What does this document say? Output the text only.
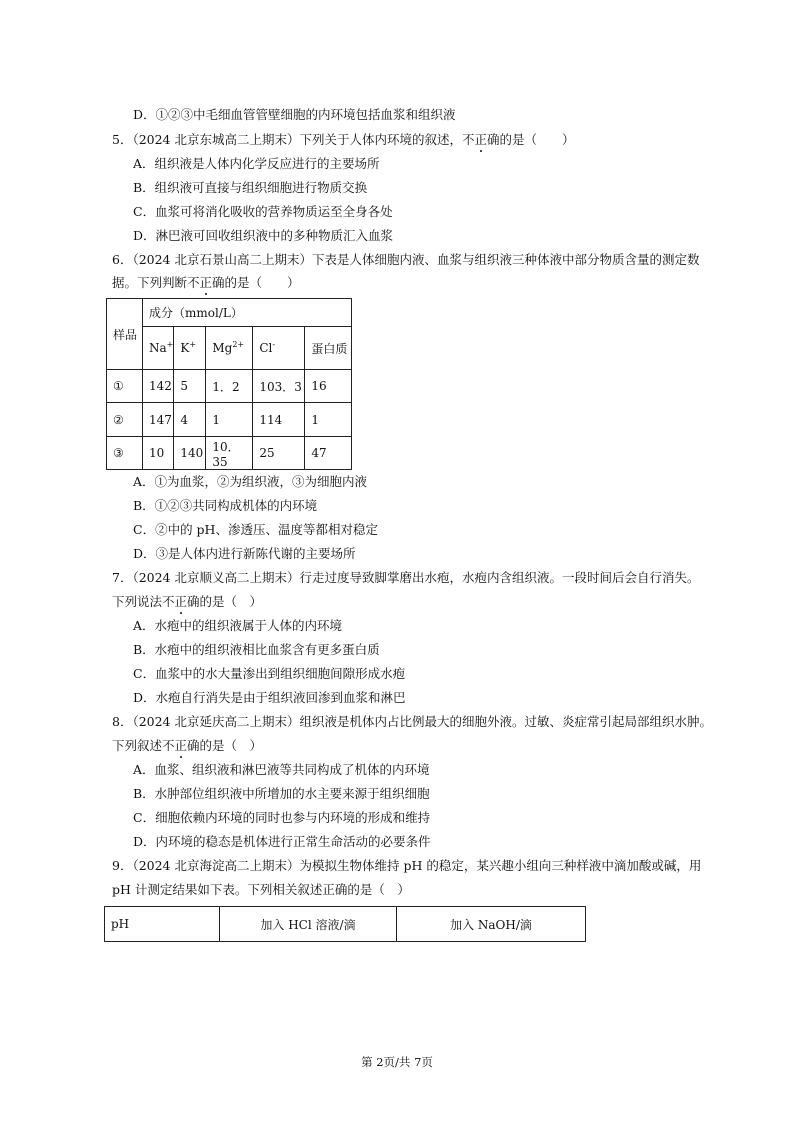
D．①②③中毛细血管管壁细胞的内环境包括血浆和组织液
5．（2024 北京东城高二上期末）下列关于人体内环境的叙述，不正确的是（　　）
A．组织液是人体内化学反应进行的主要场所
B．组织液可直接与组织细胞进行物质交换
C．血浆可将消化吸收的营养物质运至全身各处
D．淋巴液可回收组织液中的多种物质汇入血浆
6．（2024 北京石景山高二上期末）下表是人体细胞内液、血浆与组织液三种体液中部分物质含量的测定数
据。下列判断不正确的是（　　）
样品	成分（mmol/L）				
	Na+	K+	$Mg^{2+}$	Cl-	蛋白质
①	142	5	1．2	103．3	16
②	147	4	1	114	1
③	10	140	10．35	25	47
A．①为血浆，②为组织液，③为细胞内液
B．①②③共同构成机体的内环境
C．②中的 pH、渗透压、温度等都相对稳定
D．③是人体内进行新陈代谢的主要场所
7．（2024 北京顺义高二上期末）行走过度导致脚掌磨出水疱，水疱内含组织液。一段时间后会自行消失。
下列说法不正确的是（　）
A．水疱中的组织液属于人体的内环境
B．水疱中的组织液相比血浆含有更多蛋白质
C．血浆中的水大量渗出到组织细胞间隙形成水疱
D．水疱自行消失是由于组织液回渗到血浆和淋巴
8．（2024 北京延庆高二上期末）组织液是机体内占比例最大的细胞外液。过敏、炎症常引起局部组织水肿。
下列叙述不正确的是（　）
A．血浆、组织液和淋巴液等共同构成了机体的内环境
B．水肿部位组织液中所增加的水主要来源于组织细胞
C．细胞依赖内环境的同时也参与内环境的形成和维持
D．内环境的稳态是机体进行正常生命活动的必要条件
9．（2024 北京海淀高二上期末）为模拟生物体维持 pH 的稳定，某兴趣小组向三种样液中滴加酸或碱，用
pH 计测定结果如下表。下列相关叙述正确的是（　）
pH	加入 HCl 溶液/滴	加入 NaOH/滴
第 2页/共 7页
